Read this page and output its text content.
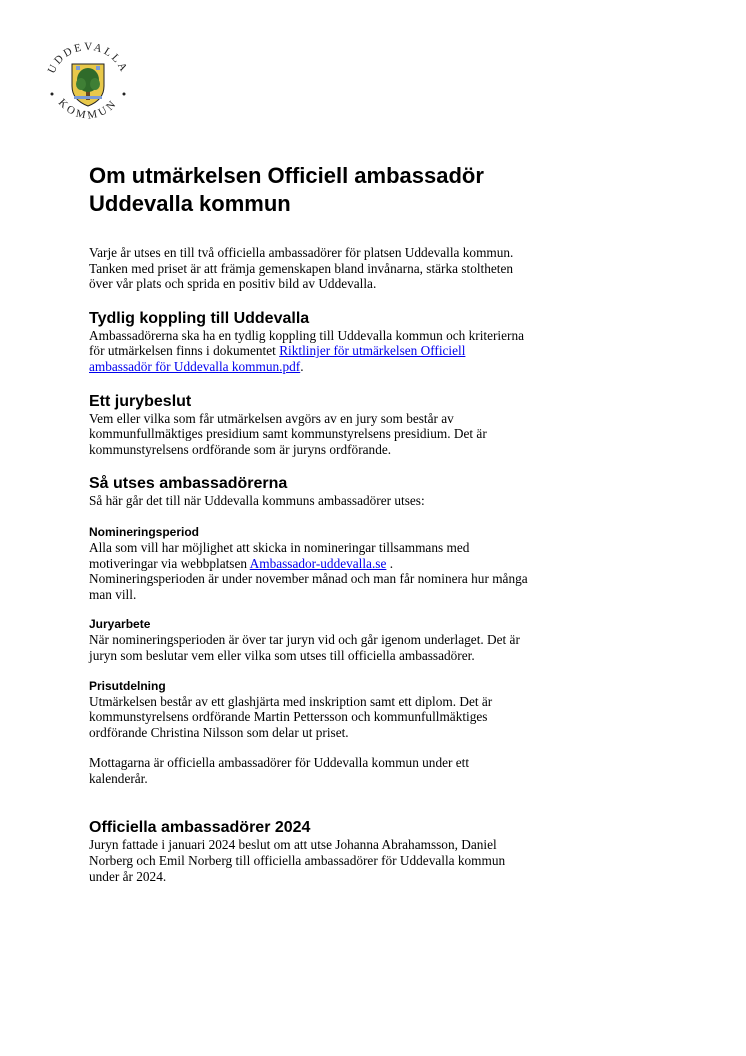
UDDEVALLA
KOMMUN
Om utmärkelsen Officiell ambassadör
Uddevalla kommun

Varje år utses en till två officiella ambassadörer för platsen Uddevalla kommun.
Tanken med priset är att främja gemenskapen bland invånarna, stärka stoltheten
över vår plats och sprida en positiv bild av Uddevalla.

Tydlig koppling till Uddevalla

Ambassadörerna ska ha en tydlig koppling till Uddevalla kommun och kriterierna
för utmärkelsen finns i dokumentet Riktlinjer för utmärkelsen Officiell
ambassadör för Uddevalla kommun.pdf.

Ett jurybeslut

Vem eller vilka som får utmärkelsen avgörs av en jury som består av
kommunfullmäktiges presidium samt kommunstyrelsens presidium. Det är
kommunstyrelsens ordförande som är juryns ordförande.

Så utses ambassadörerna

Så här går det till när Uddevalla kommuns ambassadörer utses:

Nomineringsperiod

Alla som vill har möjlighet att skicka in nomineringar tillsammans med
motiveringar via webbplatsen Ambassador-uddevalla.se .
Nomineringsperioden är under november månad och man får nominera hur många
man vill.

Juryarbete

När nomineringsperioden är över tar juryn vid och går igenom underlaget. Det är
juryn som beslutar vem eller vilka som utses till officiella ambassadörer.

Prisutdelning

Utmärkelsen består av ett glashjärta med inskription samt ett diplom. Det är
kommunstyrelsens ordförande Martin Pettersson och kommunfullmäktiges
ordförande Christina Nilsson som delar ut priset.

Mottagarna är officiella ambassadörer för Uddevalla kommun under ett
kalenderår.

Officiella ambassadörer 2024

Juryn fattade i januari 2024 beslut om att utse Johanna Abrahamsson, Daniel
Norberg och Emil Norberg till officiella ambassadörer för Uddevalla kommun
under år 2024.
